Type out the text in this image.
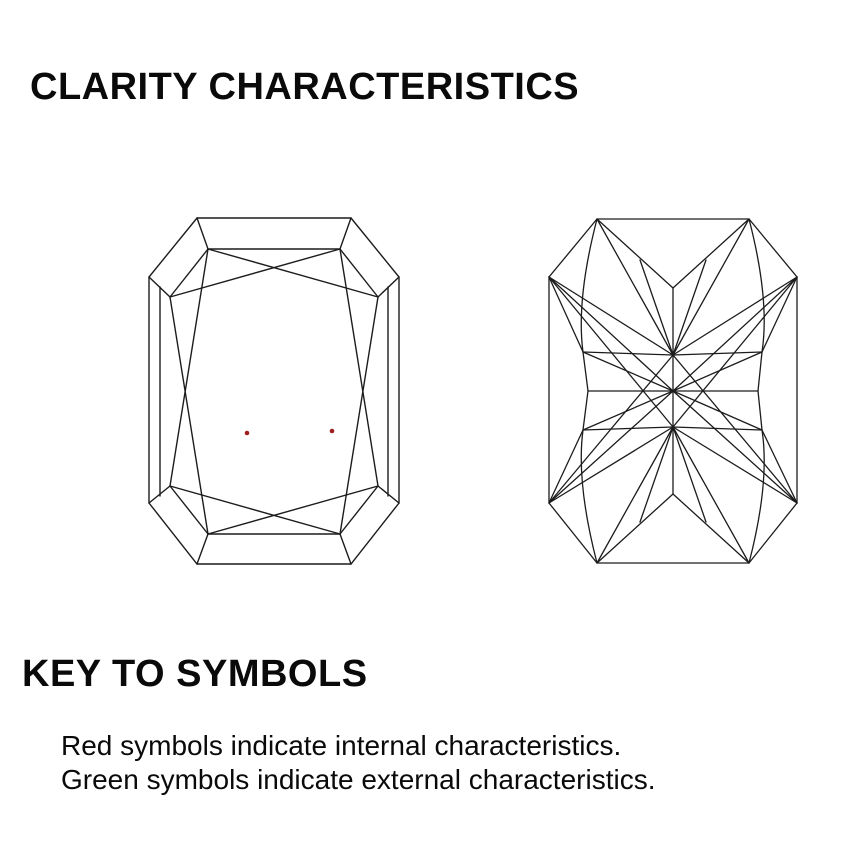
CLARITY CHARACTERISTICS
KEY TO SYMBOLS

Red symbols indicate internal characteristics.

Green symbols indicate external characteristics.
